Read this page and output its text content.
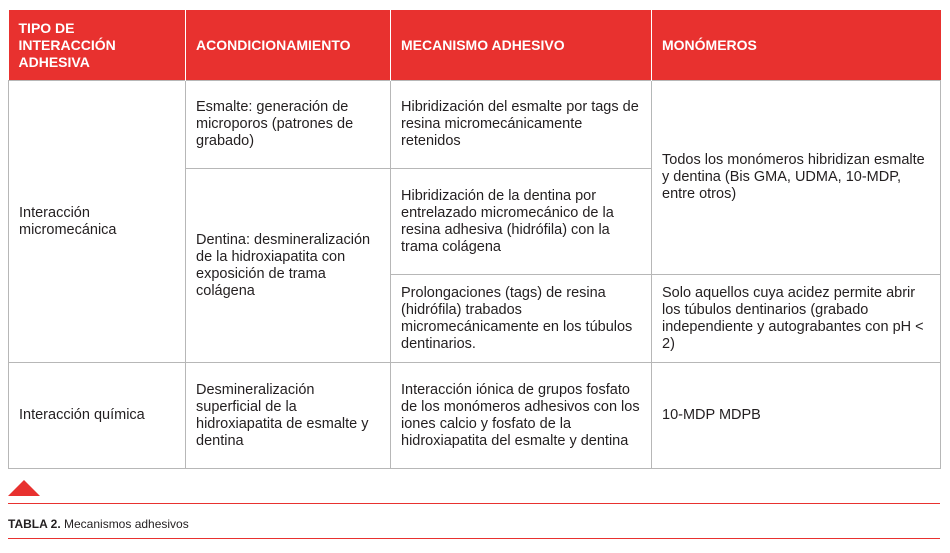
TIPO DE INTERACCIÓN ADHESIVA	ACONDICIONAMIENTO	MECANISMO ADHESIVO	MONÓMEROS
Interacción micromecánica	Esmalte: generación de microporos (patrones de grabado)	Hibridización del esmalte por tags de resina micromecánicamente retenidos	Todos los monómeros hibridizan esmalte y dentina (Bis GMA, UDMA, 10-MDP, entre otros)
	Dentina: desmineralización de la hidroxiapatita con exposición de trama colágena	Hibridización de la dentina por entrelazado micromecánico de la resina adhesiva (hidrófila) con la trama colágena	
		Prolongaciones (tags) de resina (hidrófila) trabados micromecánicamente en los túbulos dentinarios.	Solo aquellos cuya acidez permite abrir los túbulos dentinarios (grabado independiente y autograbantes con pH < 2)
Interacción química	Desmineralización superficial de la hidroxiapatita de esmalte y dentina	Interacción iónica de grupos fosfato de los monómeros adhesivos con los iones calcio y fosfato de la hidroxiapatita del esmalte y dentina	10-MDP MDPB
TABLA 2. Mecanismos adhesivos
